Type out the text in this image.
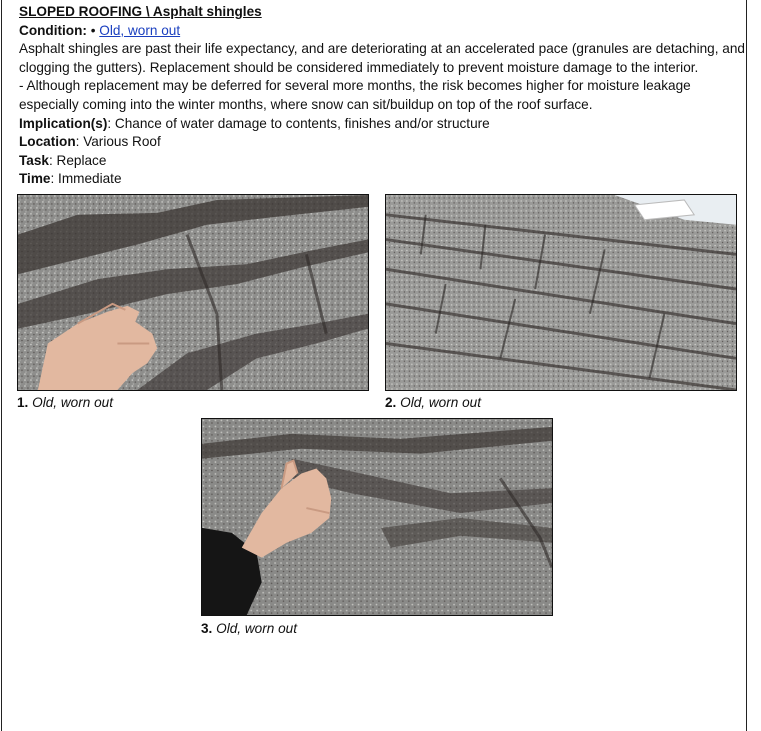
SLOPED ROOFING \ Asphalt shingles
Condition: • Old, worn out
Asphalt shingles are past their life expectancy, and are deteriorating at an accelerated pace (granules are detaching, and
clogging the gutters). Replacement should be considered immediately to prevent moisture damage to the interior.
- Although replacement may be deferred for several more months, the risk becomes higher for moisture leakage
especially coming into the winter months, where snow can sit/buildup on top of the roof surface.
Implication(s): Chance of water damage to contents, finishes and/or structure
Location: Various Roof
Task: Replace
Time: Immediate
1. Old, worn out	2. Old, worn out
3. Old, worn out
